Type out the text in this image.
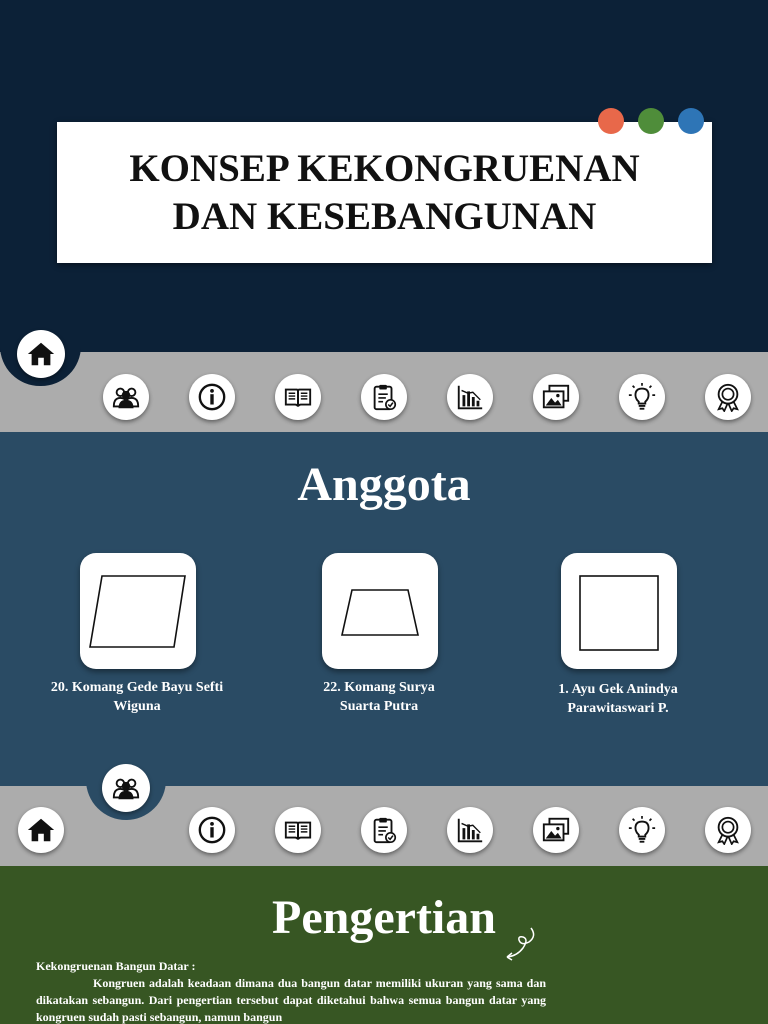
KONSEP KEKONGRUENAN
DAN KESEBANGUNAN
Anggota
20. Komang Gede Bayu Sefti
Wiguna
22. Komang Surya
Suarta Putra
1. Ayu Gek Anindya
Parawitaswari P.
Pengertian
Kekongruenan Bangun Datar :

Kongruen adalah keadaan dimana dua bangun datar memiliki ukuran yang sama dan dikatakan sebangun. Dari pengertian tersebut dapat diketahui bahwa semua bangun datar yang kongruen sudah pasti sebangun, namun bangun
